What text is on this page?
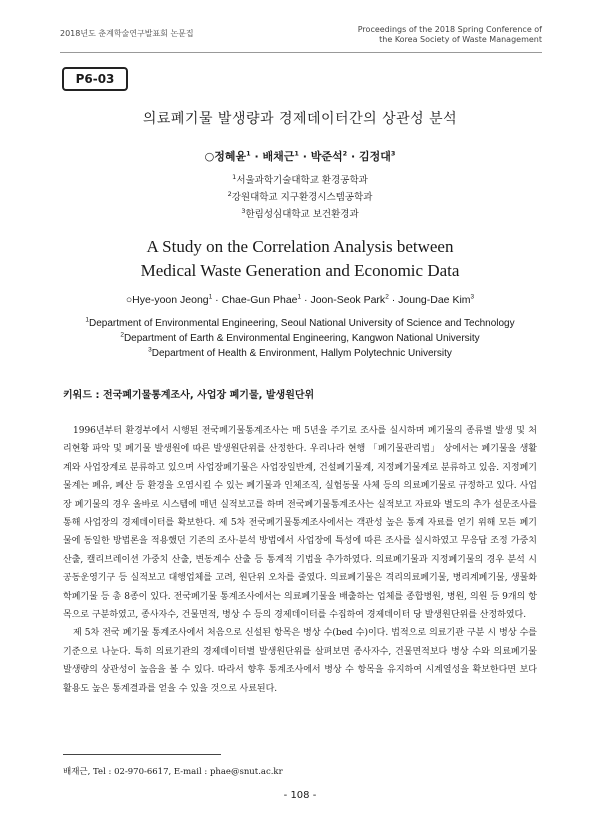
2018년도 춘계학술연구발표회 논문집	Proceedings of the 2018 Spring Conference of
the Korea Society of Waste Management
P6-03
의료폐기물 발생량과 경제데이터간의 상관성 분석
○정혜윤$^1$ · 배채근$^1$ · 박준석$^2$ · 김정대$^3$
$^1$서울과학기술대학교 환경공학과
$^2$강원대학교 지구환경시스템공학과
$^3$한림성심대학교 보건환경과
A Study on the Correlation Analysis between
Medical Waste Generation and Economic Data
○Hye-yoon Jeong$^1$ · Chae-Gun Phae$^1$ · Joon-Seok Park$^2$ · Joung-Dae Kim$^3$
$^1$Department of Environmental Engineering, Seoul National University of Science and Technology
$^2$Department of Earth & Environmental Engineering, Kangwon National University
$^3$Department of Health & Environment, Hallym Polytechnic University
키워드 : 전국폐기물통계조사, 사업장 폐기물, 발생원단위

1996년부터 환경부에서 시행된 전국폐기물통계조사는 매 5년을 주기로 조사를 실시하며 폐기물의 종류별 발생 및 처리현황 파악 및 폐기물 발생원에 따른 발생원단위를 산정한다. 우리나라 현행 「폐기물관리법」 상에서는 폐기물을 생활계와 사업장계로 분류하고 있으며 사업장폐기물은 사업장일반계, 건설폐기물계, 지정폐기물계로 분류하고 있음. 지정폐기물계는 폐유, 폐산 등 환경을 오염시킬 수 있는 폐기물과 인체조직, 실험동물 사체 등의 의료폐기물로 규정하고 있다. 사업장 폐기물의 경우 올바로 시스템에 매년 실적보고를 하며 전국폐기물통계조사는 실적보고 자료와 별도의 추가 설문조사를 통해 사업장의 경제데이터를 확보한다. 제 5차 전국폐기물통계조사에서는 객관성 높은 통계 자료를 얻기 위해 모든 폐기물에 동일한 방법론을 적용했던 기존의 조사·분석 방법에서 사업장에 특성에 따른 조사를 실시하였고 무응답 조정 가중치 산출, 캘리브레이션 가중치 산출, 변동계수 산출 등 통계적 기법을 추가하였다. 의료폐기물과 지정폐기물의 경우 분석 시 공동운영기구 등 실적보고 대행업체를 고려, 원단위 오차를 줄였다. 의료폐기물은 격리의료폐기물, 병리계폐기물, 생물화학폐기물 등 총 8종이 있다. 전국폐기물 통계조사에서는 의료폐기물을 배출하는 업체를 종합병원, 병원, 의원 등 9개의 항목으로 구분하였고, 종사자수, 건물면적, 병상 수 등의 경제데이터를 수집하여 경제데이터 당 발생원단위를 산정하였다.

제 5차 전국 폐기물 통계조사에서 처음으로 신설된 항목은 병상 수(bed 수)이다. 법적으로 의료기관 구분 시 병상 수를 기준으로 나눈다. 특히 의료기관의 경제데이터별 발생원단위를 살펴보면 종사자수, 건물면적보다 병상 수와 의료폐기물 발생량의 상관성이 높음을 볼 수 있다. 따라서 향후 통계조사에서 병상 수 항목을 유지하여 시계열성을 확보한다면 보다 활용도 높은 통계결과를 얻을 수 있을 것으로 사료된다.

배재근, Tel : 02-970-6617, E-mail : phae@snut.ac.kr
- 108 -
